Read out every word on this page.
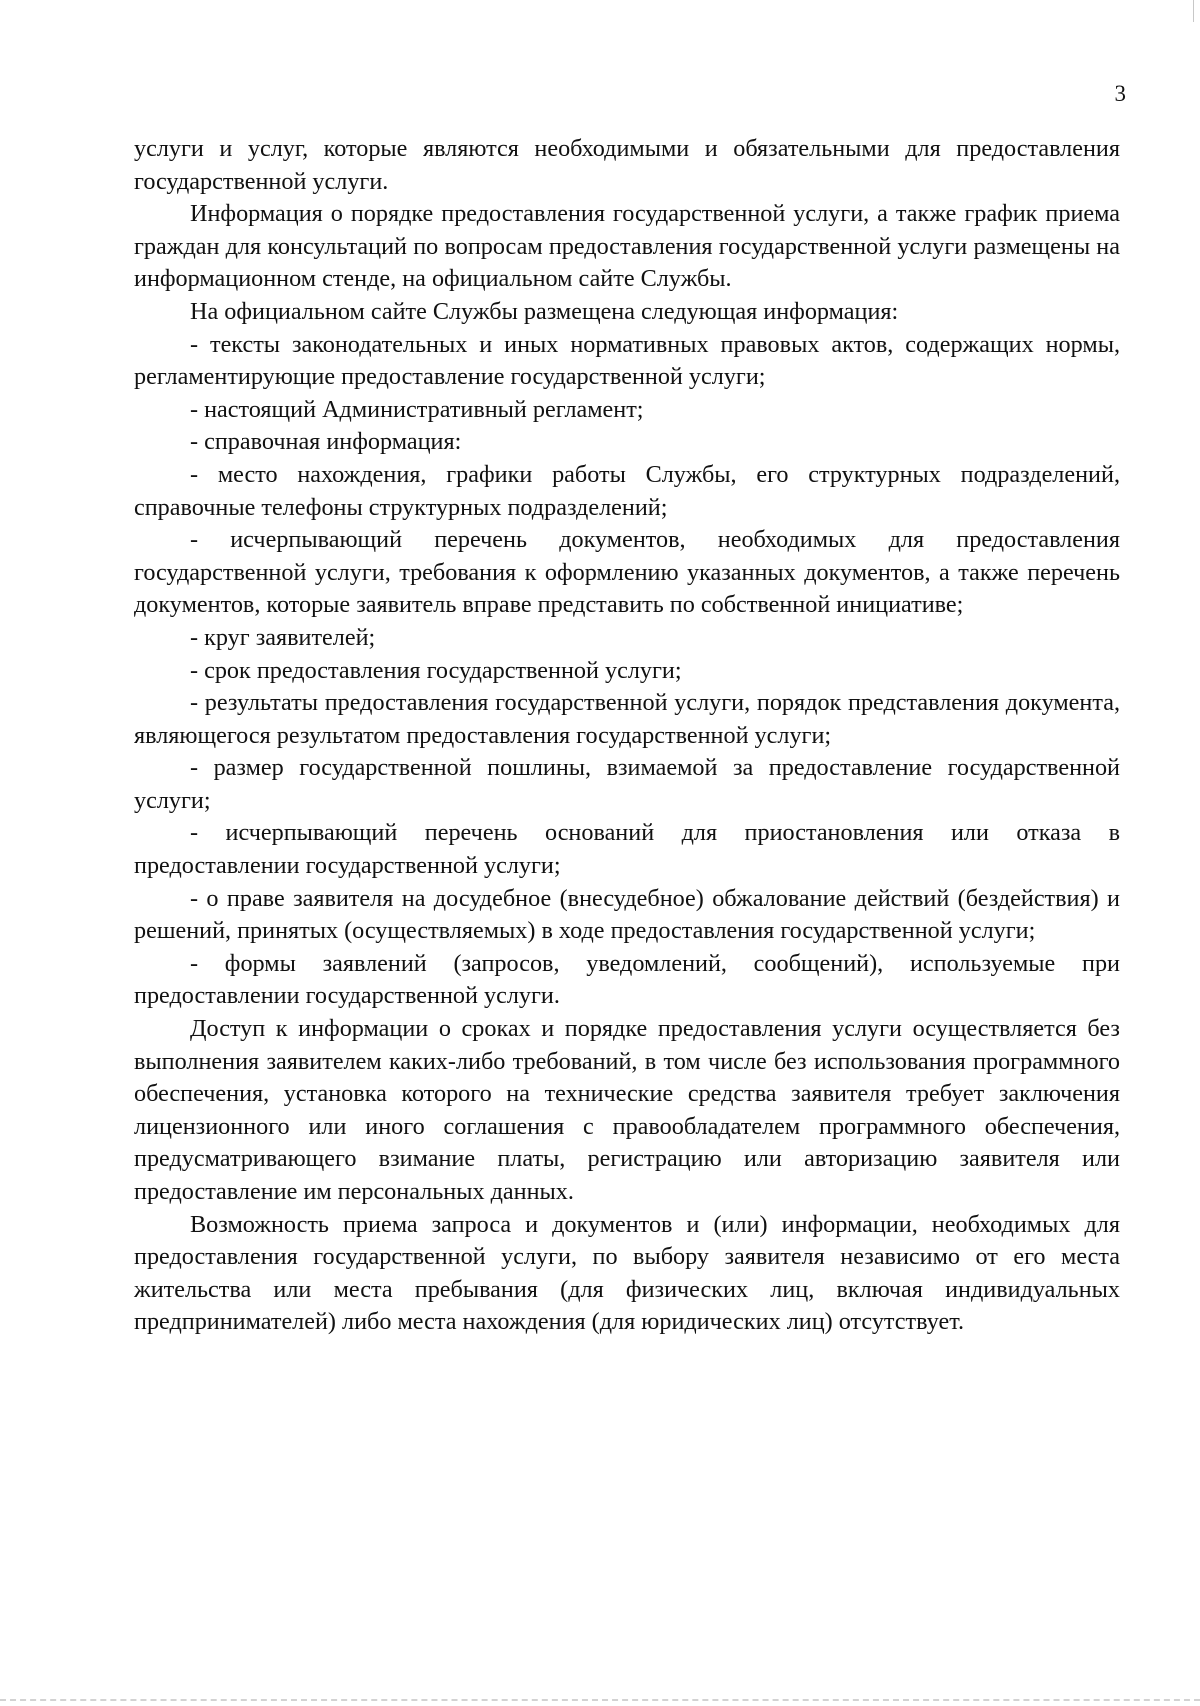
3

услуги и услуг, которые являются необходимыми и обязательными для предоставления государственной услуги.

Информация о порядке предоставления государственной услуги, а также график приема граждан для консультаций по вопросам предоставления государственной услуги размещены на информационном стенде, на официальном сайте Службы.

На официальном сайте Службы размещена следующая информация:

- тексты законодательных и иных нормативных правовых актов, содержащих нормы, регламентирующие предоставление государственной услуги;

- настоящий Административный регламент;

- справочная информация:

- место нахождения, графики работы Службы, его структурных подразделений, справочные телефоны структурных подразделений;

- исчерпывающий перечень документов, необходимых для предоставления государственной услуги, требования к оформлению указанных документов, а также перечень документов, которые заявитель вправе представить по собственной инициативе;

- круг заявителей;

- срок предоставления государственной услуги;

- результаты предоставления государственной услуги, порядок представления документа, являющегося результатом предоставления государственной услуги;

- размер государственной пошлины, взимаемой за предоставление государственной услуги;

- исчерпывающий перечень оснований для приостановления или отказа в предоставлении государственной услуги;

- о праве заявителя на досудебное (внесудебное) обжалование действий (бездействия) и решений, принятых (осуществляемых) в ходе предоставления государственной услуги;

- формы заявлений (запросов, уведомлений, сообщений), используемые при предоставлении государственной услуги.

Доступ к информации о сроках и порядке предоставления услуги осуществляется без выполнения заявителем каких-либо требований, в том числе без использования программного обеспечения, установка которого на технические средства заявителя требует заключения лицензионного или иного соглашения с правообладателем программного обеспечения, предусматривающего взимание платы, регистрацию или авторизацию заявителя или предоставление им персональных данных.

Возможность приема запроса и документов и (или) информации, необходимых для предоставления государственной услуги, по выбору заявителя независимо от его места жительства или места пребывания (для физических лиц, включая индивидуальных предпринимателей) либо места нахождения (для юридических лиц) отсутствует.
